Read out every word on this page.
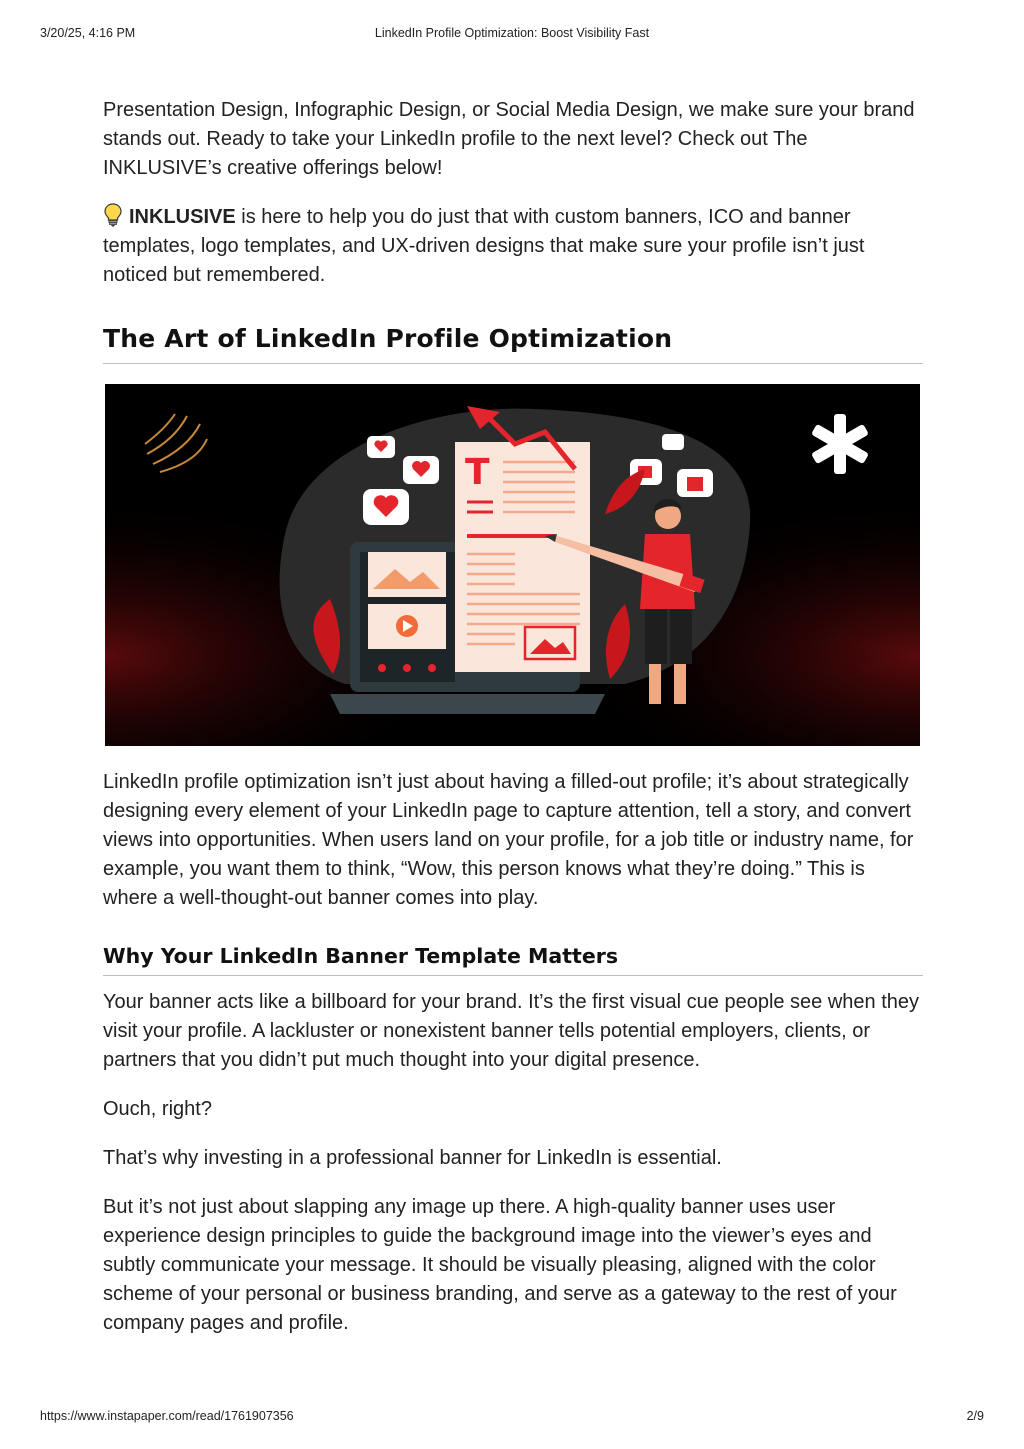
3/20/25, 4:16 PM	LinkedIn Profile Optimization: Boost Visibility Fast

Presentation Design, Infographic Design, or Social Media Design, we make sure your brand stands out. Ready to take your LinkedIn profile to the next level? Check out The INKLUSIVE’s creative offerings below!

INKLUSIVE is here to help you do just that with custom banners, ICO and banner templates, logo templates, and UX-driven designs that make sure your profile isn’t just noticed but remembered.

The Art of LinkedIn Profile Optimization
T

LinkedIn profile optimization isn’t just about having a filled-out profile; it’s about strategically designing every element of your LinkedIn page to capture attention, tell a story, and convert views into opportunities. When users land on your profile, for a job title or industry name, for example, you want them to think, “Wow, this person knows what they’re doing.” This is where a well-thought-out banner comes into play.

Why Your LinkedIn Banner Template Matters

Your banner acts like a billboard for your brand. It’s the first visual cue people see when they visit your profile. A lackluster or nonexistent banner tells potential employers, clients, or partners that you didn’t put much thought into your digital presence.

Ouch, right?

That’s why investing in a professional banner for LinkedIn is essential.

But it’s not just about slapping any image up there. A high-quality banner uses user experience design principles to guide the background image into the viewer’s eyes and subtly communicate your message. It should be visually pleasing, aligned with the color scheme of your personal or business branding, and serve as a gateway to the rest of your company pages and profile.

https://www.instapaper.com/read/1761907356	2/9
